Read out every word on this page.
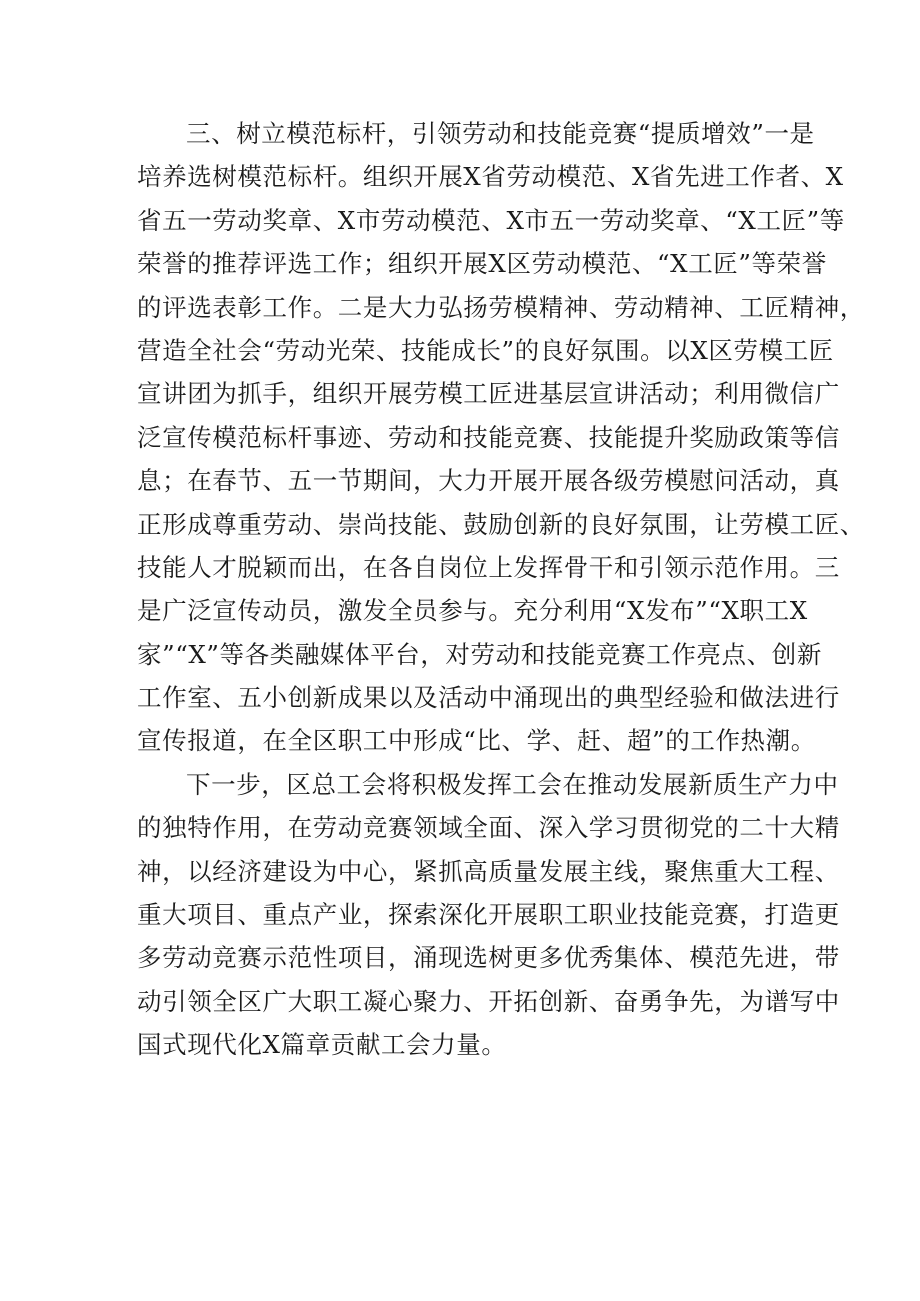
三、树立模范标杆，引领劳动和技能竞赛“提质增效”一是
培养选树模范标杆。组织开展X省劳动模范、X省先进工作者、X
省五一劳动奖章、X市劳动模范、X市五一劳动奖章、“X工匠”等
荣誉的推荐评选工作；组织开展X区劳动模范、“X工匠”等荣誉
的评选表彰工作。二是大力弘扬劳模精神、劳动精神、工匠精神，
营造全社会“劳动光荣、技能成长”的良好氛围。以X区劳模工匠
宣讲团为抓手，组织开展劳模工匠进基层宣讲活动；利用微信广
泛宣传模范标杆事迹、劳动和技能竞赛、技能提升奖励政策等信
息；在春节、五一节期间，大力开展开展各级劳模慰问活动，真
正形成尊重劳动、崇尚技能、鼓励创新的良好氛围，让劳模工匠、
技能人才脱颖而出，在各自岗位上发挥骨干和引领示范作用。三
是广泛宣传动员，激发全员参与。充分利用“X发布”“X职工X
家”“X”等各类融媒体平台，对劳动和技能竞赛工作亮点、创新
工作室、五小创新成果以及活动中涌现出的典型经验和做法进行
宣传报道，在全区职工中形成“比、学、赶、超”的工作热潮。
下一步，区总工会将积极发挥工会在推动发展新质生产力中
的独特作用，在劳动竞赛领域全面、深入学习贯彻党的二十大精
神，以经济建设为中心，紧抓高质量发展主线，聚焦重大工程、
重大项目、重点产业，探索深化开展职工职业技能竞赛，打造更
多劳动竞赛示范性项目，涌现选树更多优秀集体、模范先进，带
动引领全区广大职工凝心聚力、开拓创新、奋勇争先，为谱写中
国式现代化X篇章贡献工会力量。
